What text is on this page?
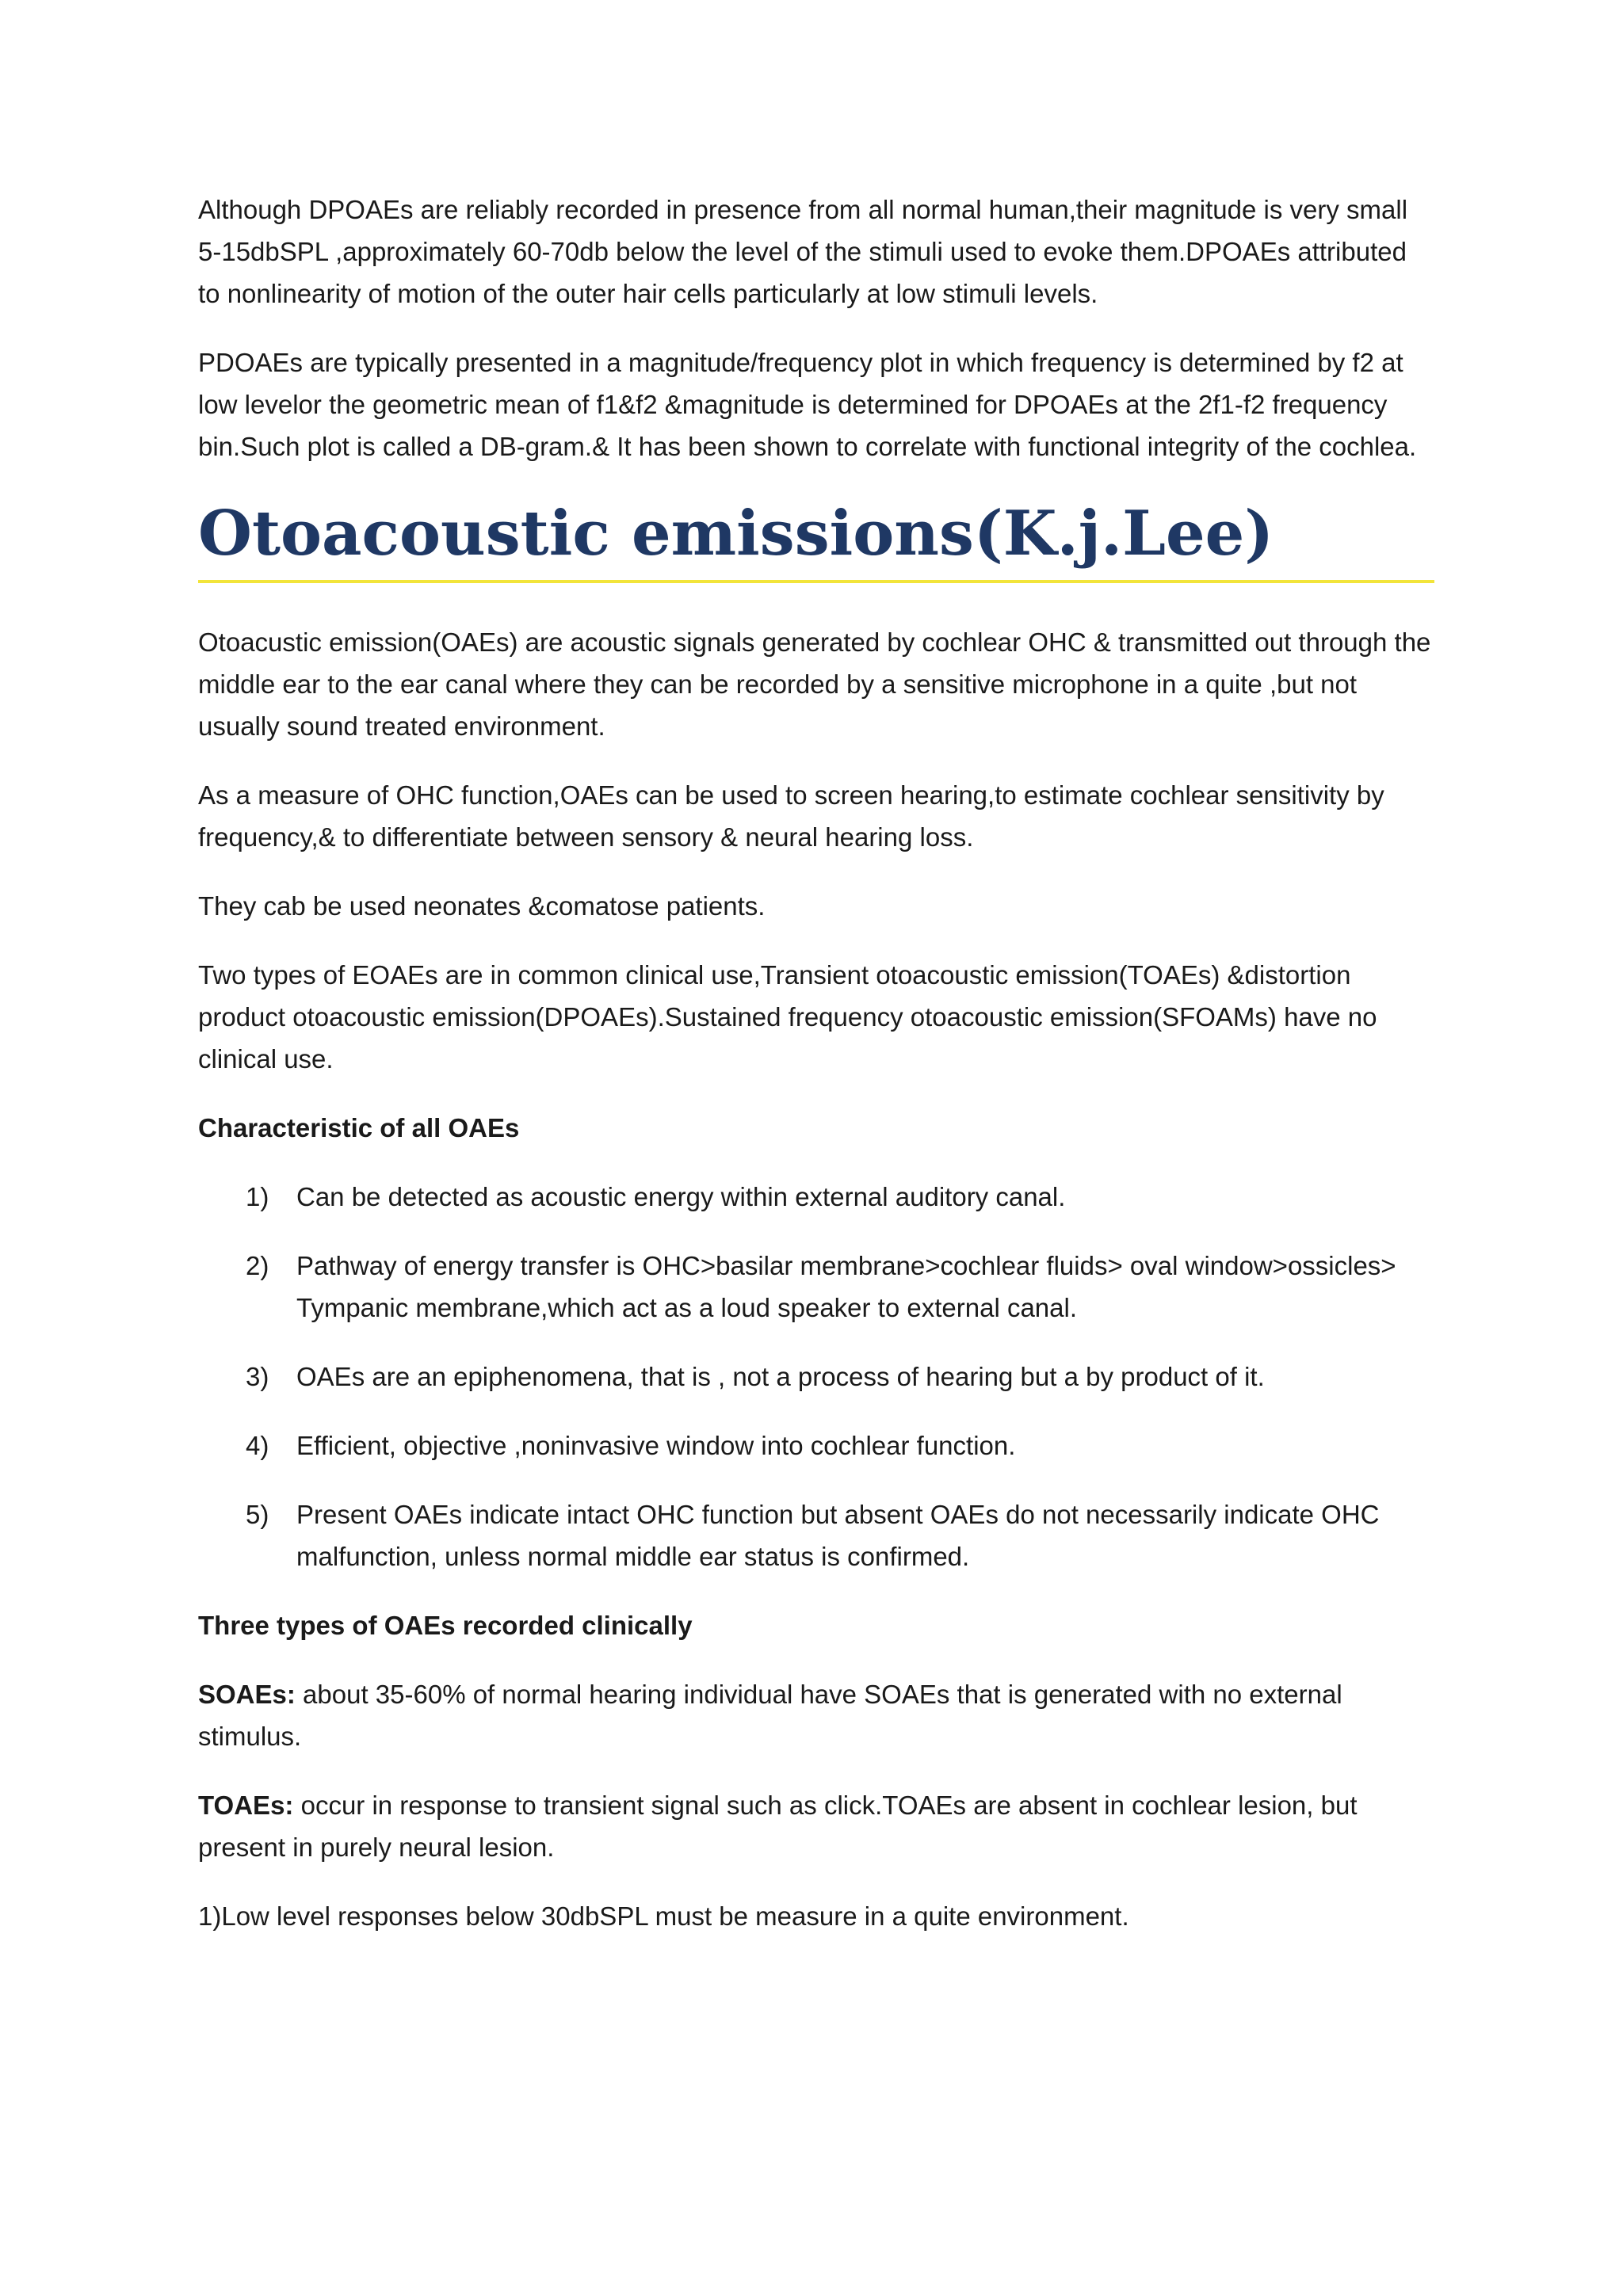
Although DPOAEs are reliably recorded in presence from all normal human,their magnitude is very small 5-15dbSPL ,approximately 60-70db below the level of the stimuli used to evoke them.DPOAEs attributed to nonlinearity of motion of the outer hair cells particularly at low stimuli levels.

PDOAEs are typically presented in a magnitude/frequency plot in which frequency is determined by f2 at low levelor the geometric mean of f1&f2 &magnitude is determined for DPOAEs at the 2f1-f2 frequency bin.Such plot is called a DB-gram.& It has been shown to correlate with functional integrity of the cochlea.

Otoacoustic emissions(K.j.Lee)

Otoacustic emission(OAEs) are acoustic signals generated by cochlear OHC & transmitted out through the middle ear to the ear canal where they can be recorded by a sensitive microphone in a quite ,but not usually sound treated environment.

As a measure of OHC function,OAEs can be used to screen hearing,to estimate cochlear sensitivity by frequency,& to differentiate between sensory & neural hearing loss.

They cab be used neonates &comatose patients.

Two types of EOAEs are in common clinical use,Transient otoacoustic emission(TOAEs) &distortion product otoacoustic emission(DPOAEs).Sustained frequency otoacoustic emission(SFOAMs) have no clinical use.

Characteristic of all OAEs

1) Can be detected as acoustic energy within external auditory canal.
2) Pathway of energy transfer is OHC>basilar membrane>cochlear fluids> oval window>ossicles> Tympanic membrane,which act as a loud speaker to external canal.
3) OAEs are an epiphenomena, that is , not a process of hearing but a by product of it.
4) Efficient, objective ,noninvasive window into cochlear function.
5) Present OAEs indicate intact OHC function but absent OAEs do not necessarily indicate OHC malfunction, unless normal middle ear status is confirmed.

Three types of OAEs recorded clinically

SOAEs: about 35-60% of normal hearing individual have SOAEs that is generated with no external stimulus.

TOAEs: occur in response to transient signal such as click.TOAEs are absent in cochlear lesion, but present in purely neural lesion.

1)Low level responses below 30dbSPL must be measure in a quite environment.
